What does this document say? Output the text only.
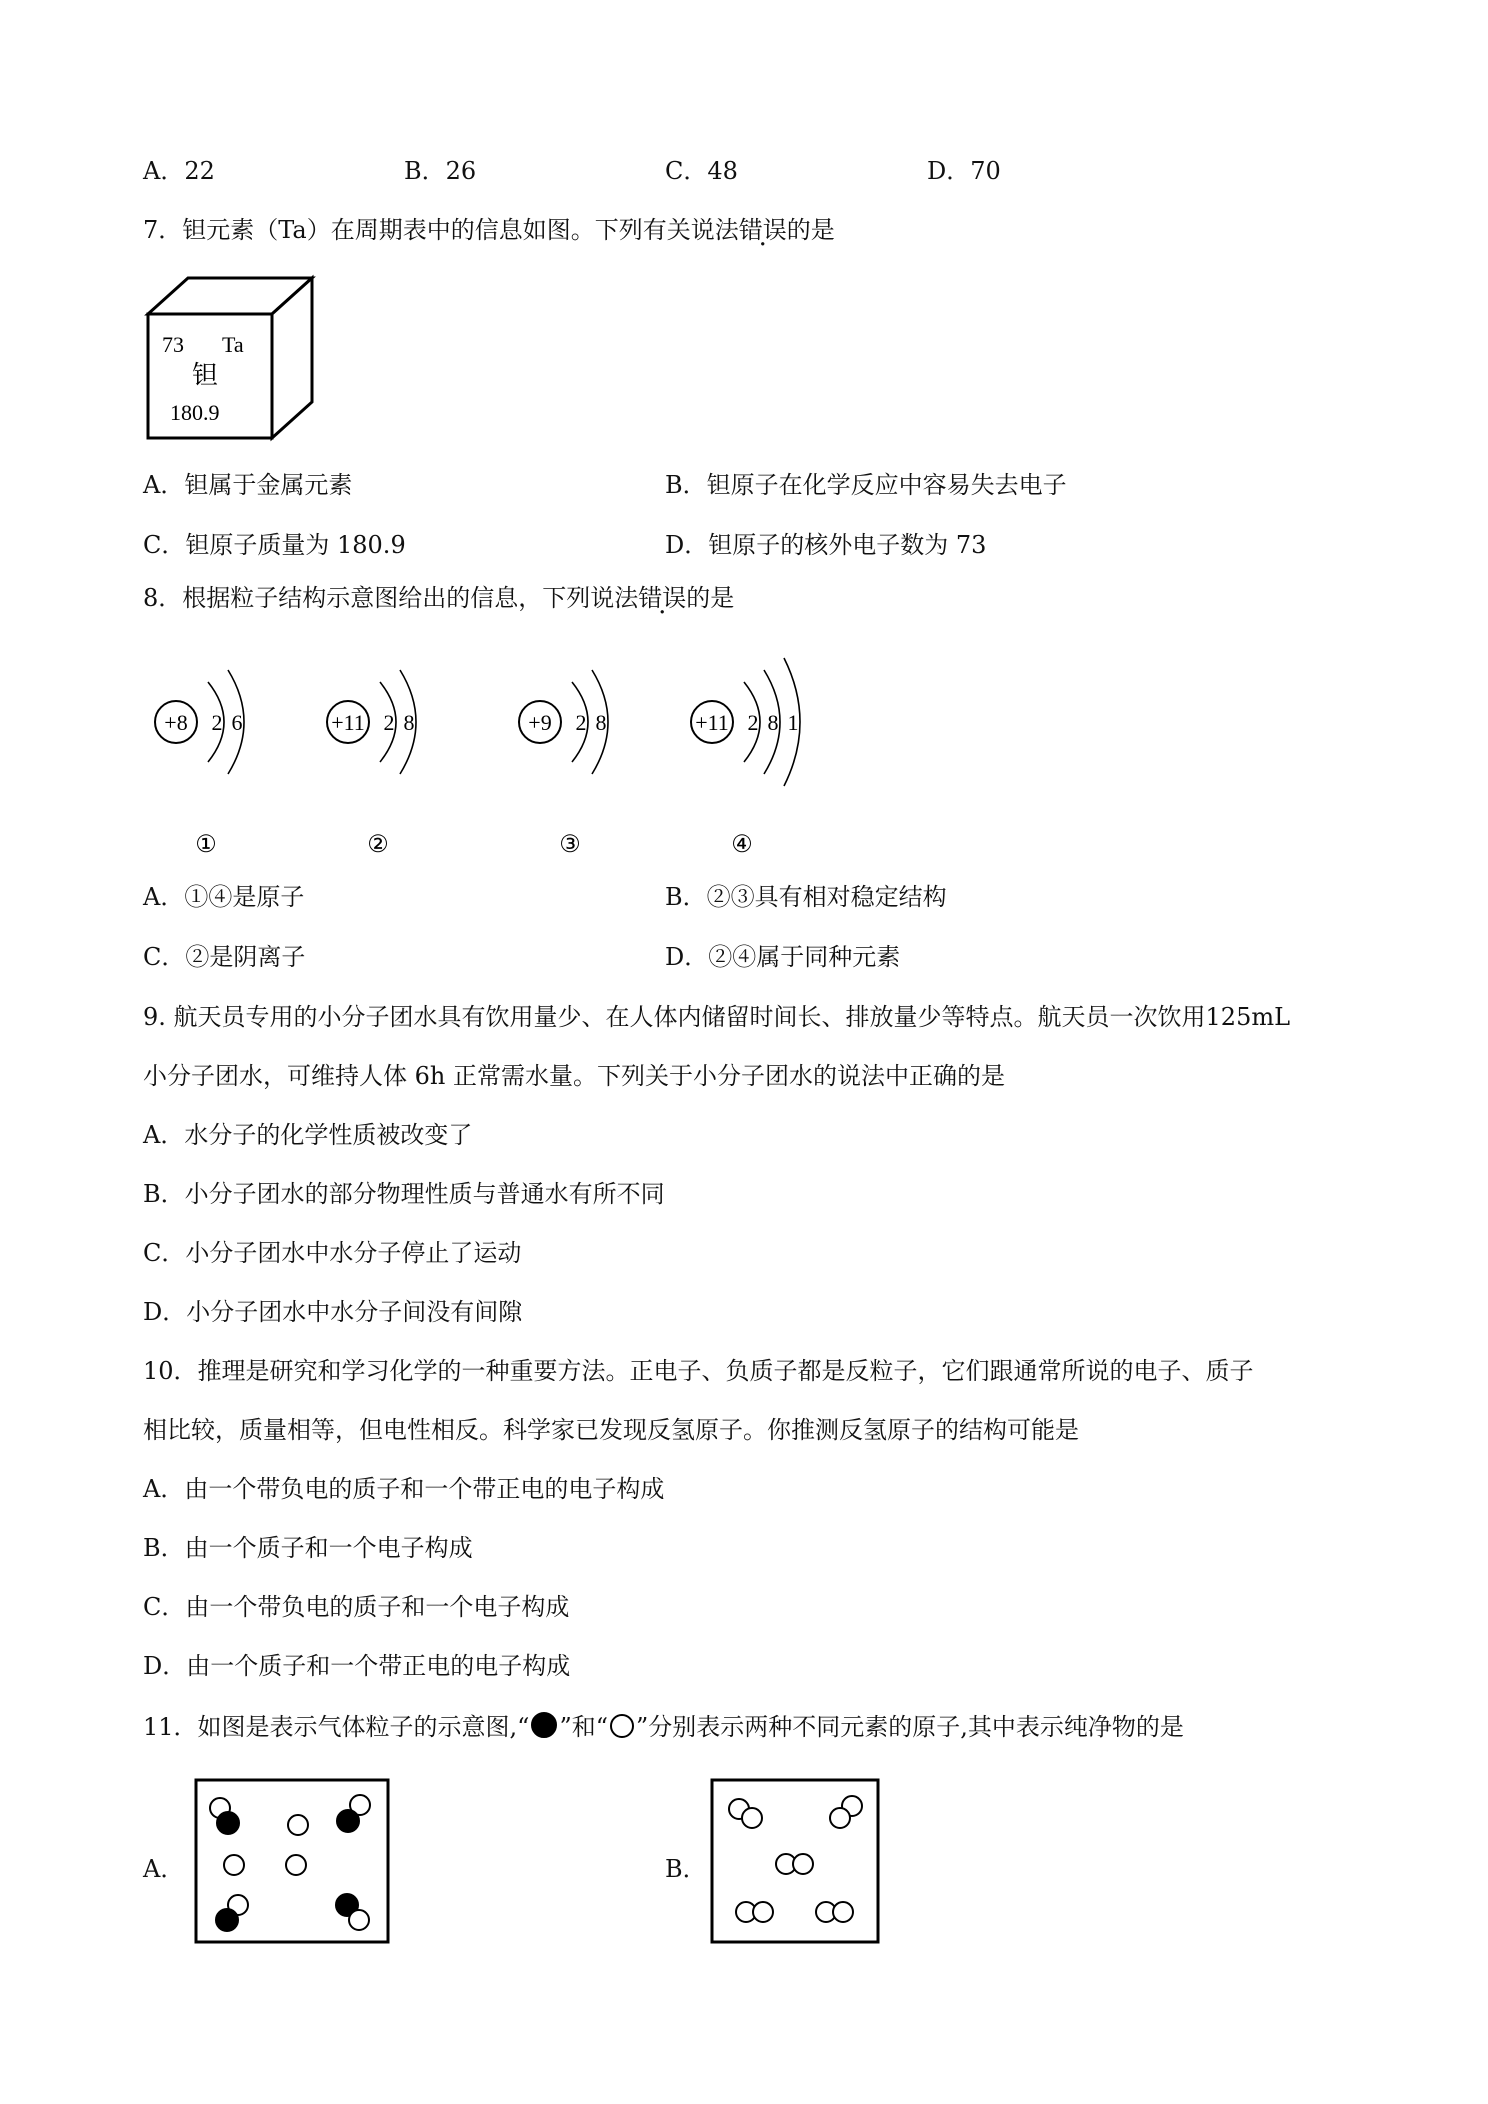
A．22	B．26	C．48	D．70
7．钽元素（Ta）在周期表中的信息如图。下列有关说法错误的是
73 Ta
钽
180.9
A．钽属于金属元素	B．钽原子在化学反应中容易失去电子
C．钽原子质量为 180.9	D．钽原子的核外电子数为 73
8．根据粒子结构示意图给出的信息，下列说法错误的是
+8 2 6
①
+11 2 8
②
+9 2 8
③
+11 2 8 1
④
A．①④是原子	B．②③具有相对稳定结构
C．②是阴离子	D．②④属于同种元素
9. 航天员专用的小分子团水具有饮用量少、在人体内储留时间长、排放量少等特点。航天员一次饮用125mL
小分子团水，可维持人体 6h 正常需水量。下列关于小分子团水的说法中正确的是
A．水分子的化学性质被改变了
B．小分子团水的部分物理性质与普通水有所不同
C．小分子团水中水分子停止了运动
D．小分子团水中水分子间没有间隙
10．推理是研究和学习化学的一种重要方法。正电子、负质子都是反粒子，它们跟通常所说的电子、质子
相比较，质量相等，但电性相反。科学家已发现反氢原子。你推测反氢原子的结构可能是
A．由一个带负电的质子和一个带正电的电子构成
B．由一个质子和一个电子构成
C．由一个带负电的质子和一个电子构成
D．由一个质子和一个带正电的电子构成
11．如图是表示气体粒子的示意图,“ ”和“ ”分别表示两种不同元素的原子,其中表示纯净物的是
A．	B．
